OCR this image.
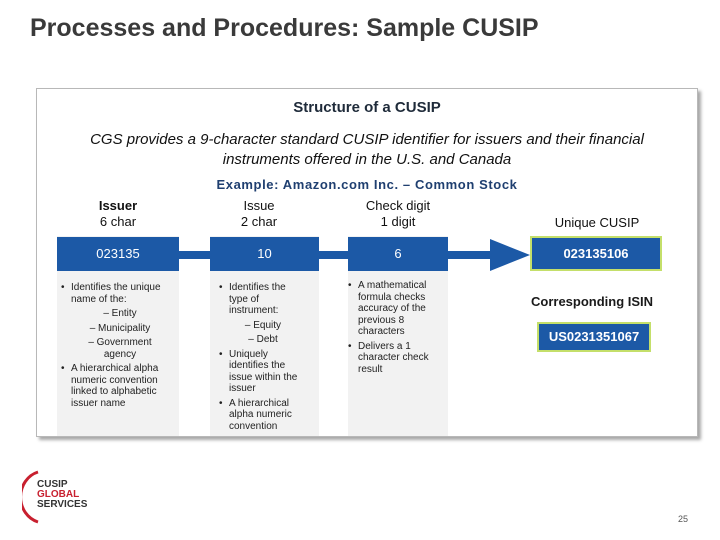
Processes and Procedures: Sample CUSIP
Structure of a CUSIP
CGS provides a 9-character standard CUSIP identifier for issuers and their financial instruments offered in the U.S. and Canada
Example: Amazon.com Inc. – Common Stock
Issuer
6 char
Issue
2 char
Check digit
1 digit	Unique CUSIP
023135	10	6	023135106
• Identifies the unique name of the:
– Entity
– Municipality
– Government agency
• A hierarchical alpha numeric convention linked to alphabetic issuer name
• Identifies the type of instrument:
– Equity
– Debt
• Uniquely identifies the issue within the issuer
• A hierarchical alpha numeric convention
• A mathematical formula checks accuracy of the previous 8 characters
• Delivers a 1 character check result
Corresponding ISIN
US0231351067
CUSIP
GLOBAL
SERVICES
25
